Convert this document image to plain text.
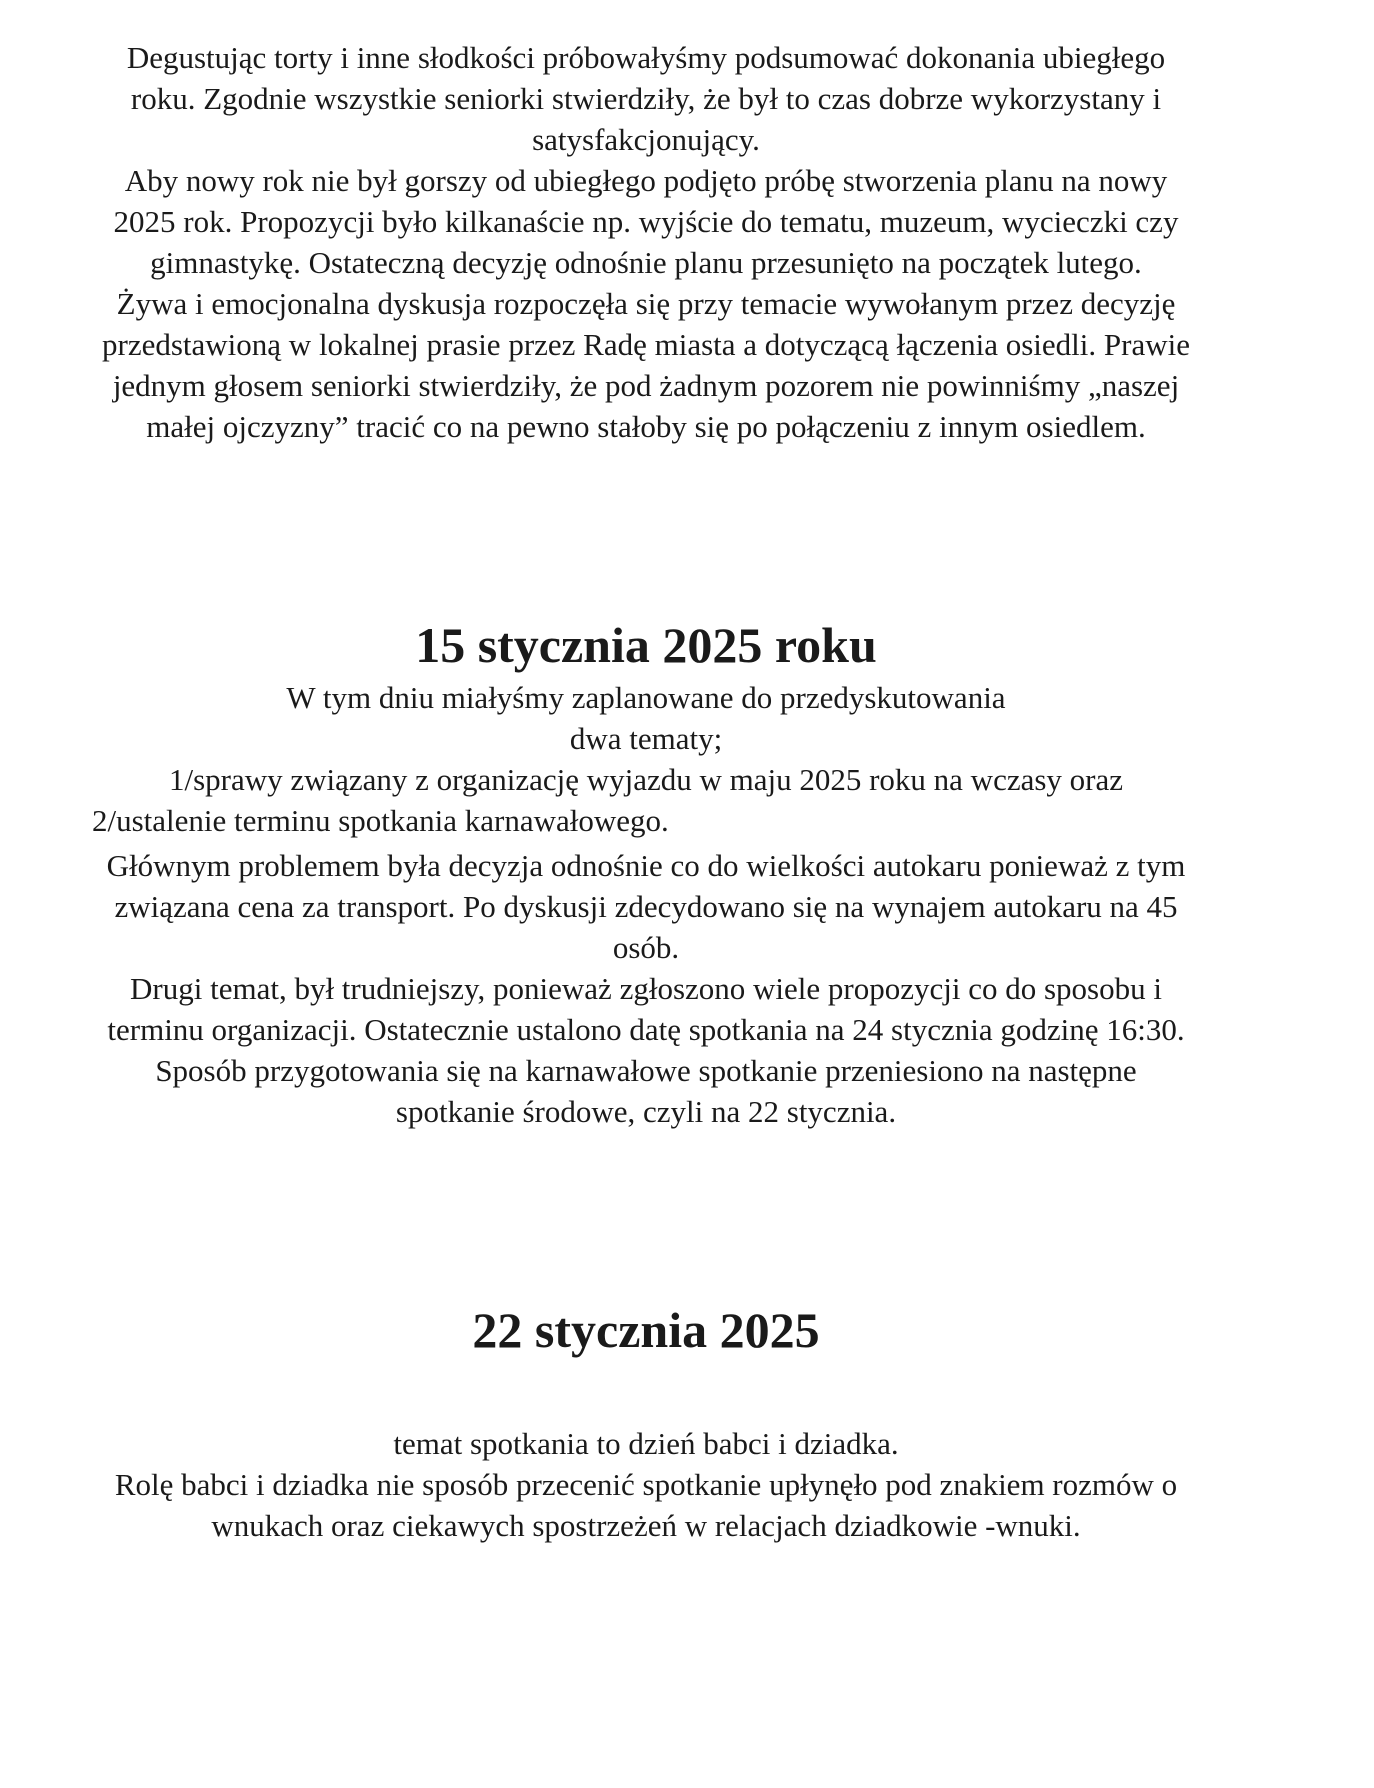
Degustując torty i inne słodkości próbowałyśmy podsumować dokonania ubiegłego
roku. Zgodnie wszystkie seniorki stwierdziły, że był to czas dobrze wykorzystany i
satysfakcjonujący.
Aby nowy rok nie był gorszy od ubiegłego podjęto próbę stworzenia planu na nowy
2025 rok. Propozycji było kilkanaście np. wyjście do tematu, muzeum, wycieczki czy
gimnastykę. Ostateczną decyzję odnośnie planu przesunięto na początek lutego.
Żywa i emocjonalna dyskusja rozpoczęła się przy temacie wywołanym przez decyzję
przedstawioną w lokalnej prasie przez Radę miasta a dotyczącą łączenia osiedli. Prawie
jednym głosem seniorki stwierdziły, że pod żadnym pozorem nie powinniśmy „naszej
małej ojczyzny” tracić co na pewno stałoby się po połączeniu z innym osiedlem.
15 stycznia 2025 roku
W tym dniu miałyśmy zaplanowane do przedyskutowania
dwa tematy;
1/sprawy związany z organizację wyjazdu w maju 2025 roku na wczasy oraz
2/ustalenie terminu spotkania karnawałowego.
Głównym problemem była decyzja odnośnie co do wielkości autokaru ponieważ z tym
związana cena za transport. Po dyskusji zdecydowano się na wynajem autokaru na 45
osób.
Drugi temat, był trudniejszy, ponieważ zgłoszono wiele propozycji co do sposobu i
terminu organizacji. Ostatecznie ustalono datę spotkania na 24 stycznia godzinę 16:30.
Sposób przygotowania się na karnawałowe spotkanie przeniesiono na następne
spotkanie środowe, czyli na 22 stycznia.
22 stycznia 2025
temat spotkania to dzień babci i dziadka.
Rolę babci i dziadka nie sposób przecenić spotkanie upłynęło pod znakiem rozmów o
wnukach oraz ciekawych spostrzeżeń w relacjach dziadkowie -wnuki.
